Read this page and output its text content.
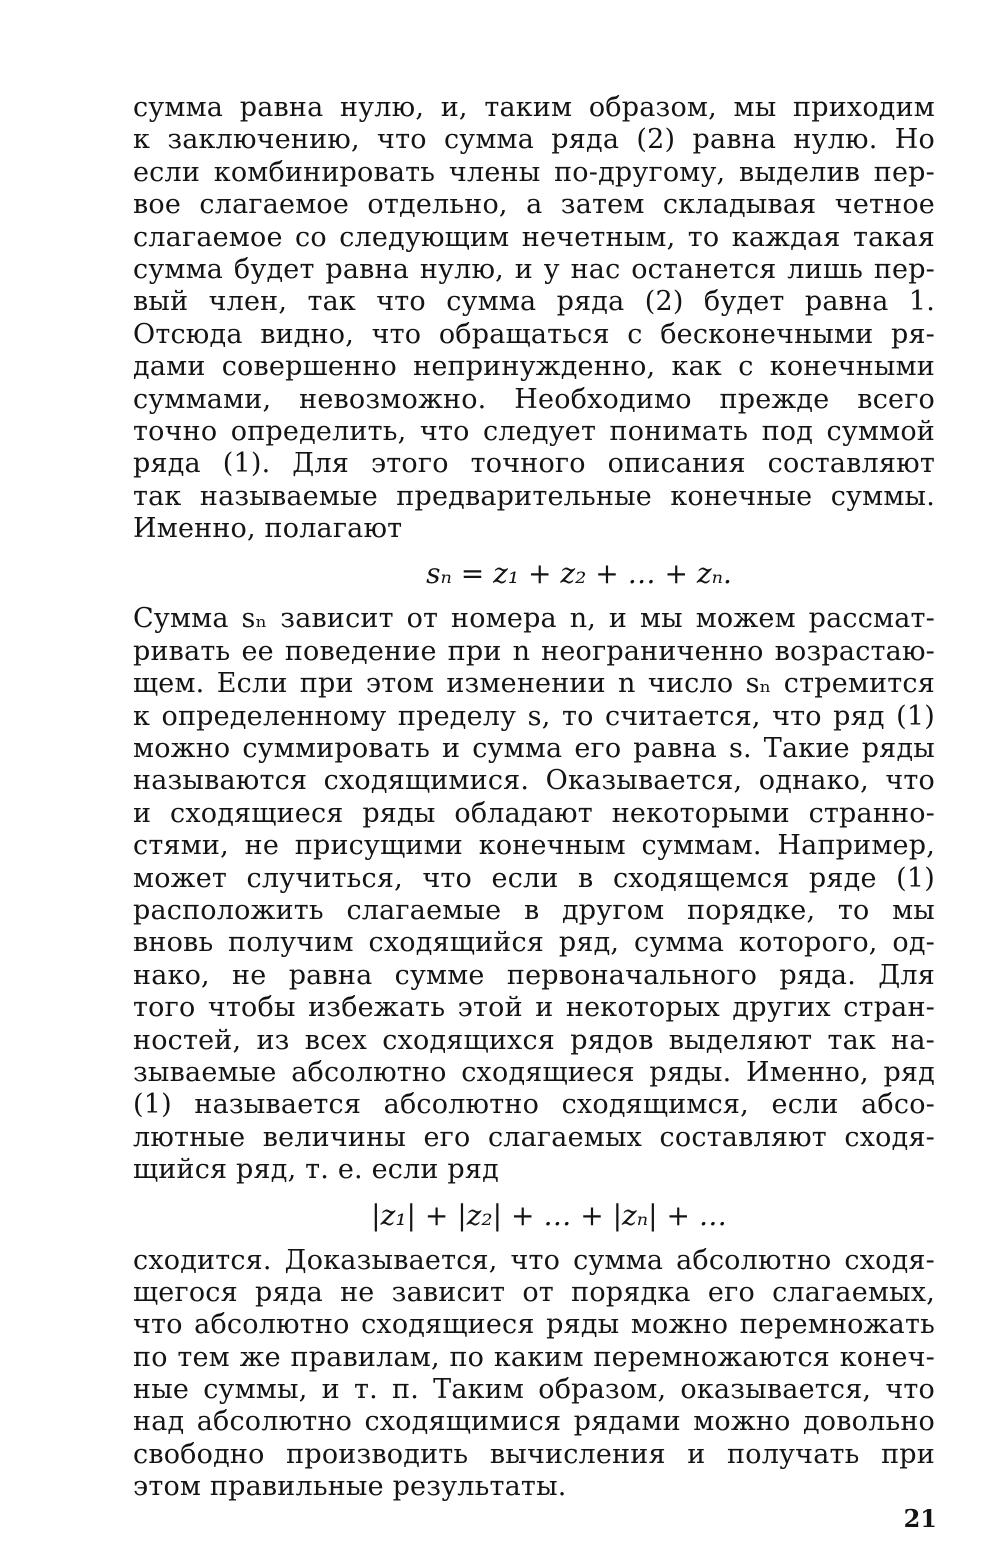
сумма равна нулю, и, таким образом, мы приходим
к заключению, что сумма ряда (2) равна нулю. Но
если комбинировать члены по-другому, выделив пер-
вое слагаемое отдельно, а затем складывая четное
слагаемое со следующим нечетным, то каждая такая
сумма будет равна нулю, и у нас останется лишь пер-
вый член, так что сумма ряда (2) будет равна 1.
Отсюда видно, что обращаться с бесконечными ря-
дами совершенно непринужденно, как с конечными
суммами, невозможно. Необходимо прежде всего
точно определить, что следует понимать под суммой
ряда (1). Для этого точного описания составляют
так называемые предварительные конечные суммы.
Именно, полагают
sₙ = z₁ + z₂ + … + zₙ.
Сумма sₙ зависит от номера n, и мы можем рассмат-
ривать ее поведение при n неограниченно возрастаю-
щем. Если при этом изменении n число sₙ стремится
к определенному пределу s, то считается, что ряд (1)
можно суммировать и сумма его равна s. Такие ряды
называются сходящимися. Оказывается, однако, что
и сходящиеся ряды обладают некоторыми странно-
стями, не присущими конечным суммам. Например,
может случиться, что если в сходящемся ряде (1)
расположить слагаемые в другом порядке, то мы
вновь получим сходящийся ряд, сумма которого, од-
нако, не равна сумме первоначального ряда. Для
того чтобы избежать этой и некоторых других стран-
ностей, из всех сходящихся рядов выделяют так на-
зываемые абсолютно сходящиеся ряды. Именно, ряд
(1) называется абсолютно сходящимся, если абсо-
лютные величины его слагаемых составляют сходя-
щийся ряд, т. е. если ряд
|z₁| + |z₂| + … + |zₙ| + …
сходится. Доказывается, что сумма абсолютно сходя-
щегося ряда не зависит от порядка его слагаемых,
что абсолютно сходящиеся ряды можно перемножать
по тем же правилам, по каким перемножаются конеч-
ные суммы, и т. п. Таким образом, оказывается, что
над абсолютно сходящимися рядами можно довольно
свободно производить вычисления и получать при
этом правильные результаты.
21
